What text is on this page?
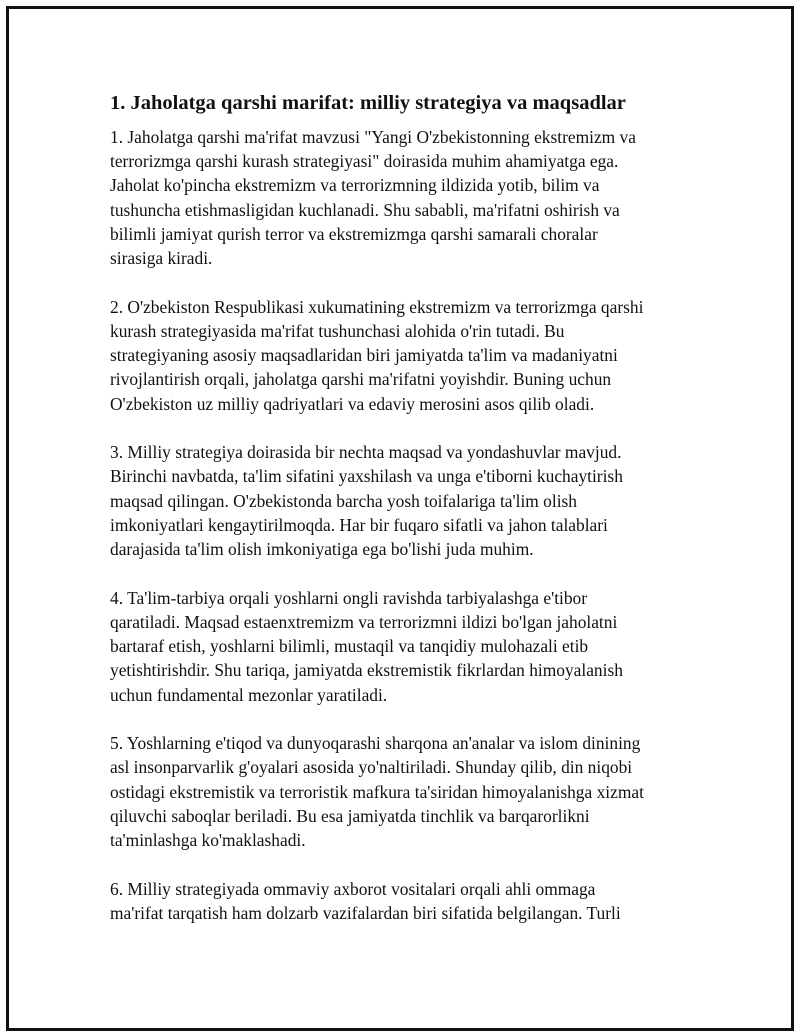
1. Jaholatga qarshi marifat: milliy strategiya va maqsadlar
1. Jaholatga qarshi ma'rifat mavzusi "Yangi O'zbekistonning ekstremizm va
terrorizmga qarshi kurash strategiyasi" doirasida muhim ahamiyatga ega.
Jaholat ko'pincha ekstremizm va terrorizmning ildizida yotib, bilim va
tushuncha etishmasligidan kuchlanadi. Shu sababli, ma'rifatni oshirish va
bilimli jamiyat qurish terror va ekstremizmga qarshi samarali choralar
sirasiga kiradi.
2. O'zbekiston Respublikasi xukumatining ekstremizm va terrorizmga qarshi
kurash strategiyasida ma'rifat tushunchasi alohida o'rin tutadi. Bu
strategiyaning asosiy maqsadlaridan biri jamiyatda ta'lim va madaniyatni
rivojlantirish orqali, jaholatga qarshi ma'rifatni yoyishdir. Buning uchun
O'zbekiston uz milliy qadriyatlari va edaviy merosini asos qilib oladi.
3. Milliy strategiya doirasida bir nechta maqsad va yondashuvlar mavjud.
Birinchi navbatda, ta'lim sifatini yaxshilash va unga e'tiborni kuchaytirish
maqsad qilingan. O'zbekistonda barcha yosh toifalariga ta'lim olish
imkoniyatlari kengaytirilmoqda. Har bir fuqaro sifatli va jahon talablari
darajasida ta'lim olish imkoniyatiga ega bo'lishi juda muhim.
4. Ta'lim-tarbiya orqali yoshlarni ongli ravishda tarbiyalashga e'tibor
qaratiladi. Maqsad estaenxtremizm va terrorizmni ildizi bo'lgan jaholatni
bartaraf etish, yoshlarni bilimli, mustaqil va tanqidiy mulohazali etib
yetishtirishdir. Shu tariqa, jamiyatda ekstremistik fikrlardan himoyalanish
uchun fundamental mezonlar yaratiladi.
5. Yoshlarning e'tiqod va dunyoqarashi sharqona an'analar va islom dinining
asl insonparvarlik g'oyalari asosida yo'naltiriladi. Shunday qilib, din niqobi
ostidagi ekstremistik va terroristik mafkura ta'siridan himoyalanishga xizmat
qiluvchi saboqlar beriladi. Bu esa jamiyatda tinchlik va barqarorlikni
ta'minlashga ko'maklashadi.
6. Milliy strategiyada ommaviy axborot vositalari orqali ahli ommaga
ma'rifat tarqatish ham dolzarb vazifalardan biri sifatida belgilangan. Turli
